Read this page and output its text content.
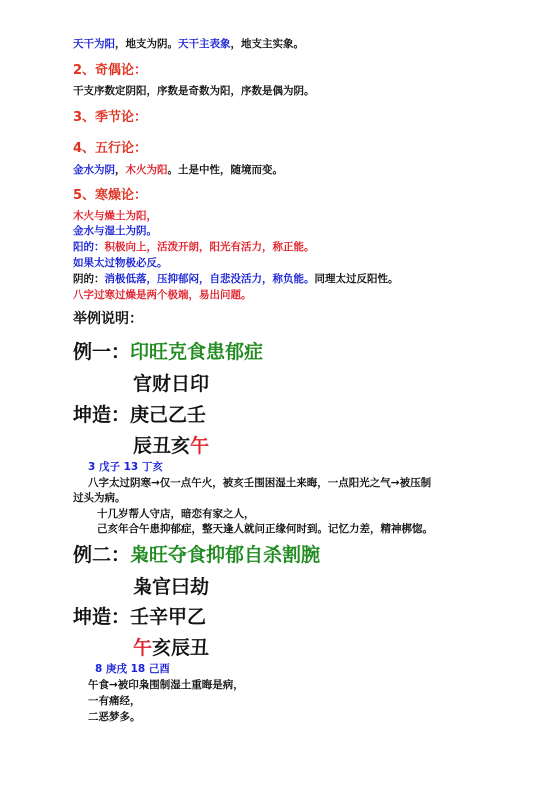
天干为阳，地支为阴。天干主表象，地支主实象。
2、奇偶论：
干支序数定阴阳，序数是奇数为阳，序数是偶为阴。
3、季节论：
4、五行论：
金水为阴，木火为阳。土是中性，随境而变。
5、寒燥论：
木火与燥土为阳，
金水与湿土为阴。
阳的：积极向上，活泼开朗，阳光有活力，称正能。
如果太过物极必反。
阴的：消极低落，压抑郁闷，自悲没活力，称负能。同理太过反阳性。
八字过寒过燥是两个极端，易出问题。
举例说明：
例一：印旺克食患郁症
官财日印
坤造：庚己乙壬
辰丑亥午
3 戊子 13 丁亥
八字太过阴寒→仅一点午火，被亥壬围困湿土来晦，一点阳光之气→被压制
过头为病。
十几岁帮人守店，暗恋有家之人，
己亥年合午患抑郁症，整天逢人就问正缘何时到。记忆力差，精神梆惚。
例二：枭旺夺食抑郁自杀割腕
枭官曰劫
坤造：壬辛甲乙
午亥辰丑
8 庚戌 18 己酉
午食→被印枭围制湿土重晦是病，
一有痛经，
二恶梦多。
